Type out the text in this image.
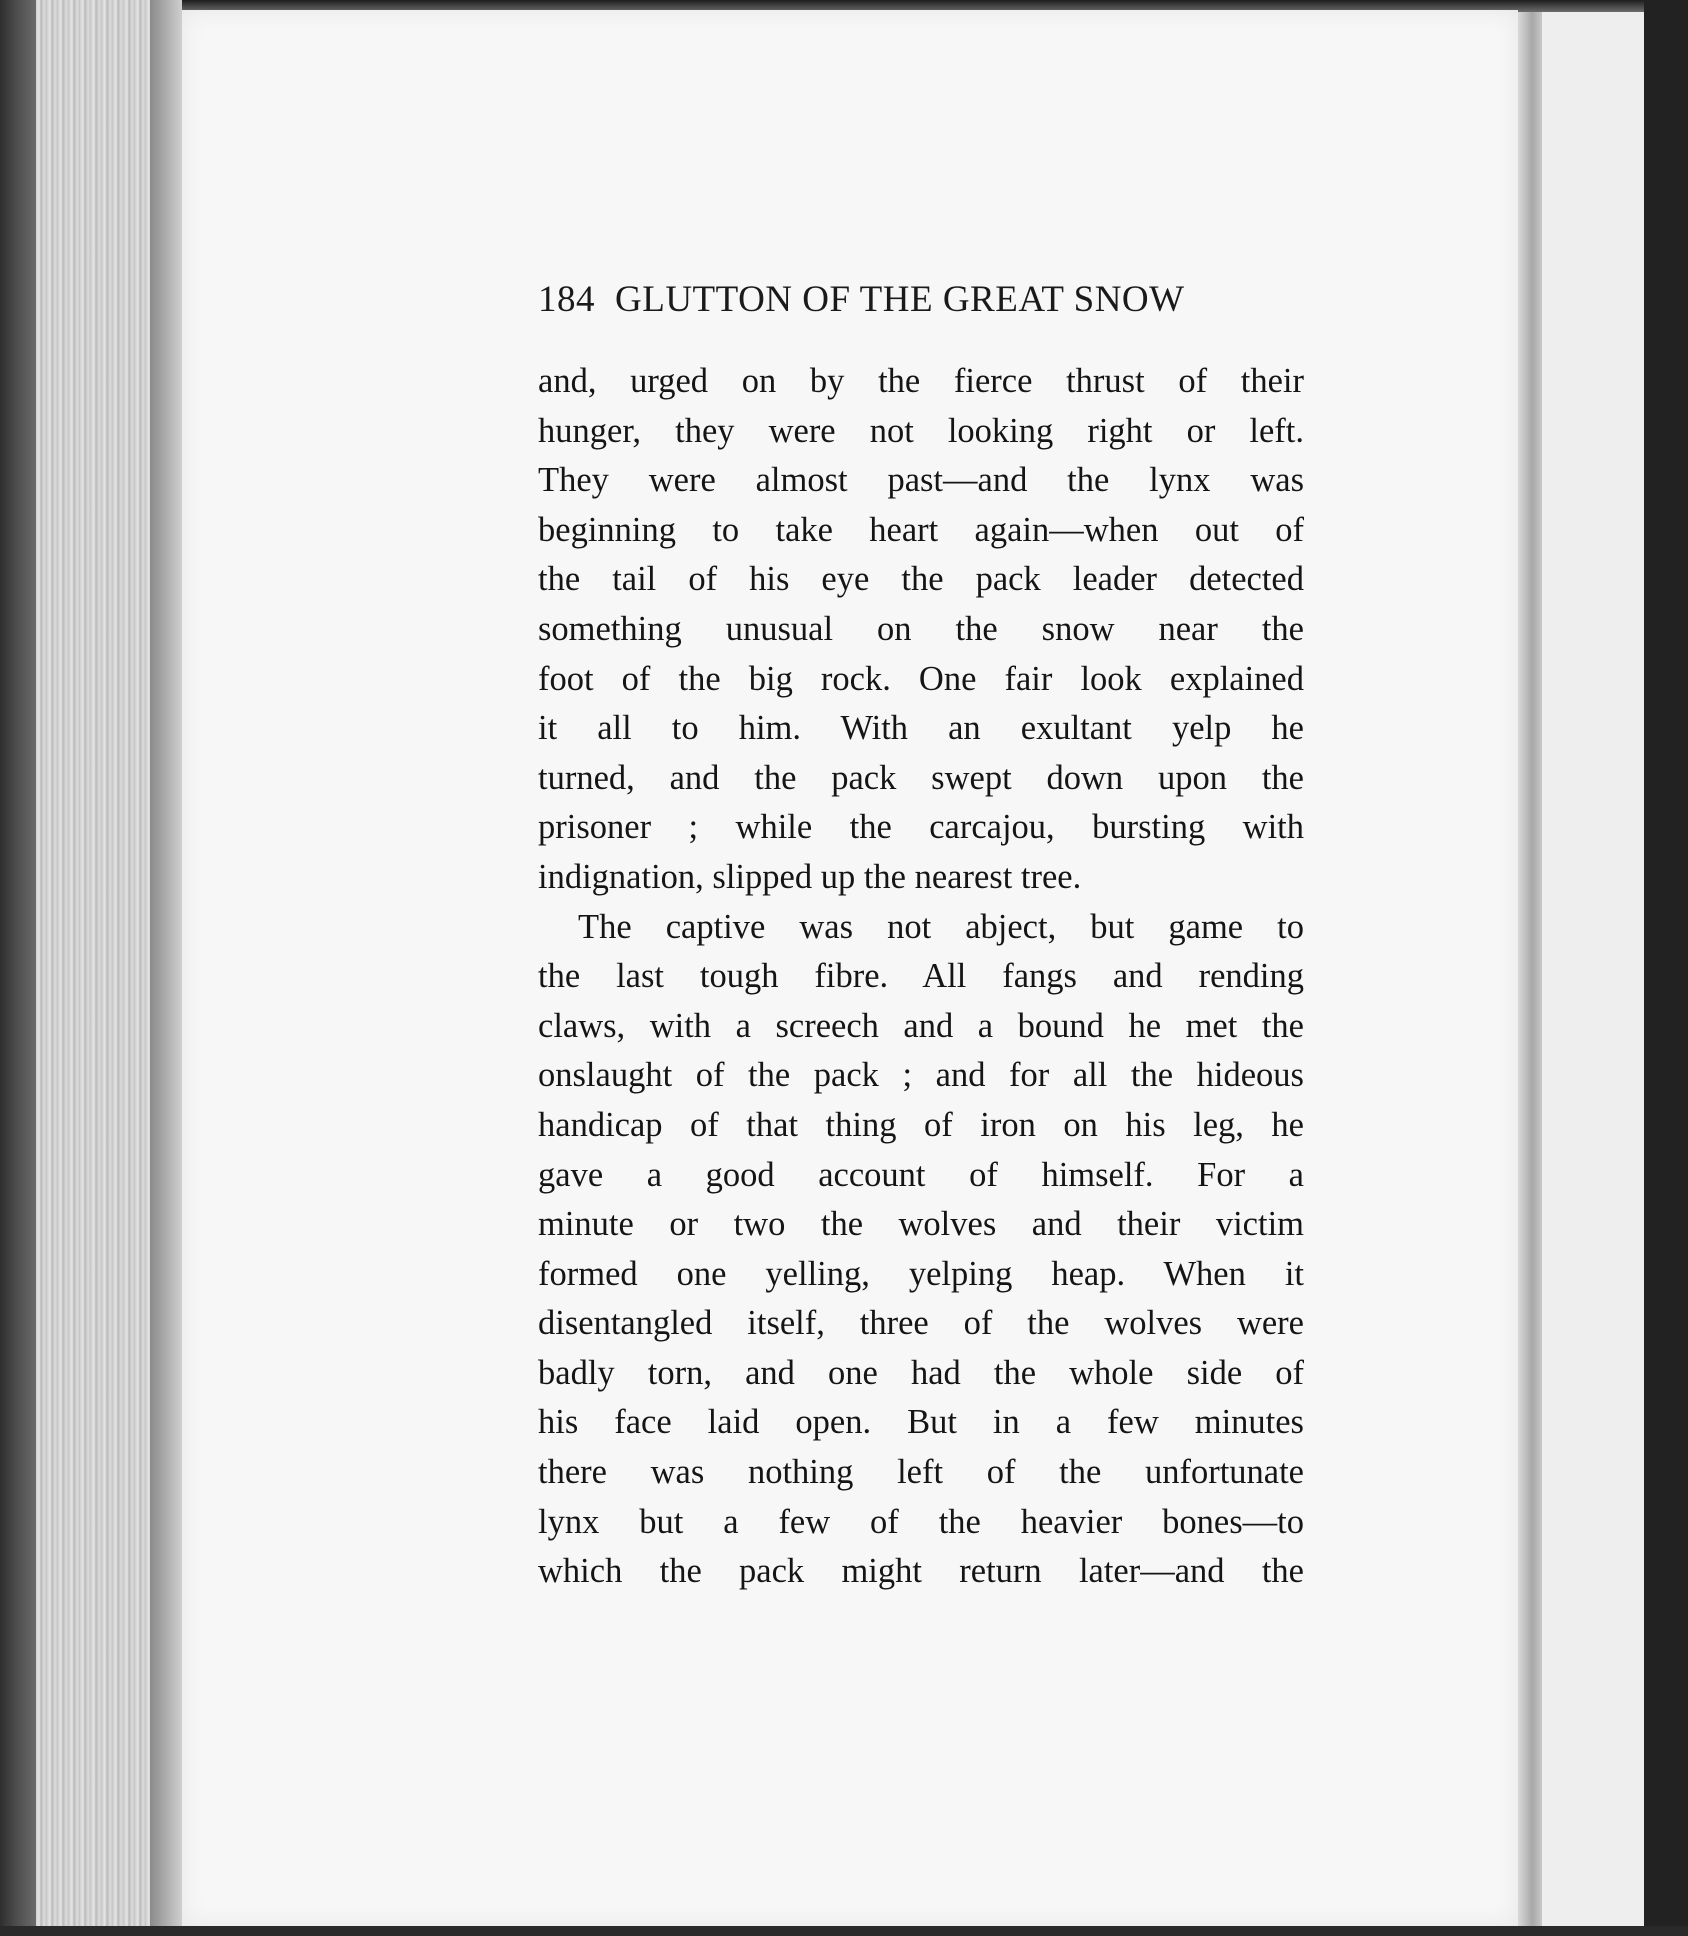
184 GLUTTON OF THE GREAT SNOW
and, urged on by the fierce thrust of their
hunger, they were not looking right or left.
They were almost past—and the lynx was
beginning to take heart again—when out of
the tail of his eye the pack leader detected
something unusual on the snow near the
foot of the big rock. One fair look explained
it all to him. With an exultant yelp he
turned, and the pack swept down upon the
prisoner ; while the carcajou, bursting with
indignation, slipped up the nearest tree.
The captive was not abject, but game to
the last tough fibre. All fangs and rending
claws, with a screech and a bound he met the
onslaught of the pack ; and for all the hideous
handicap of that thing of iron on his leg, he
gave a good account of himself. For a
minute or two the wolves and their victim
formed one yelling, yelping heap. When it
disentangled itself, three of the wolves were
badly torn, and one had the whole side of
his face laid open. But in a few minutes
there was nothing left of the unfortunate
lynx but a few of the heavier bones—to
which the pack might return later—and the
